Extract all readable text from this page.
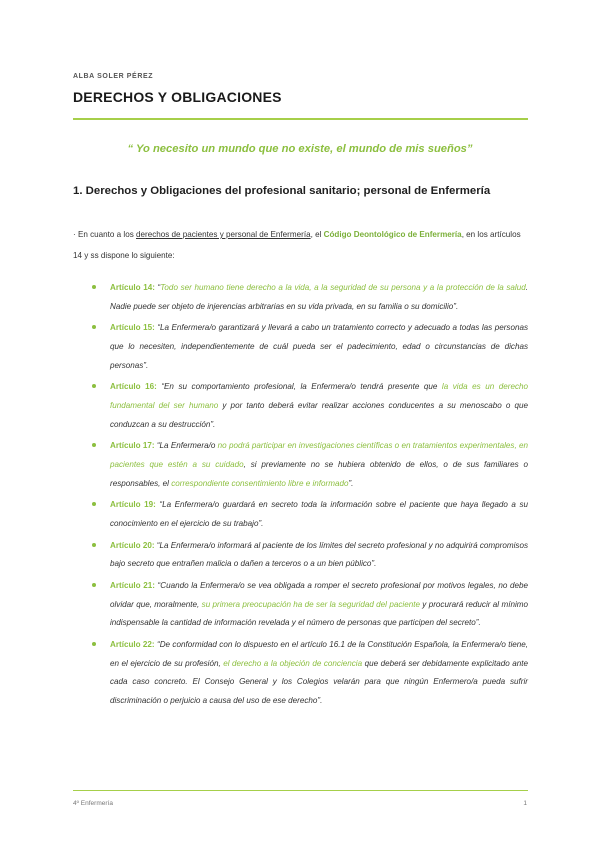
ALBA SOLER PÉREZ
DERECHOS Y OBLIGACIONES
“ Yo necesito un mundo que no existe, el mundo de mis sueños”
1. Derechos y Obligaciones del profesional sanitario; personal de Enfermería
· En cuanto a los derechos de pacientes y personal de Enfermería, el Código Deontológico de Enfermería, en los artículos 14 y ss dispone lo siguiente:
Artículo 14: “Todo ser humano tiene derecho a la vida, a la seguridad de su persona y a la protección de la salud. Nadie puede ser objeto de injerencias arbitrarias en su vida privada, en su familia o su domicilio”.
Artículo 15: “La Enfermera/o garantizará y llevará a cabo un tratamiento correcto y adecuado a todas las personas que lo necesiten, independientemente de cuál pueda ser el padecimiento, edad o circunstancias de dichas personas”.
Artículo 16: “En su comportamiento profesional, la Enfermera/o tendrá presente que la vida es un derecho fundamental del ser humano y por tanto deberá evitar realizar acciones conducentes a su menoscabo o que conduzcan a su destrucción”.
Artículo 17: “La Enfermera/o no podrá participar en investigaciones científicas o en tratamientos experimentales, en pacientes que estén a su cuidado, si previamente no se hubiera obtenido de ellos, o de sus familiares o responsables, el correspondiente consentimiento libre e informado”.
Artículo 19: “La Enfermera/o guardará en secreto toda la información sobre el paciente que haya llegado a su conocimiento en el ejercicio de su trabajo”.
Artículo 20: “La Enfermera/o informará al paciente de los límites del secreto profesional y no adquirirá compromisos bajo secreto que entrañen malicia o dañen a terceros o a un bien público”.
Artículo 21: “Cuando la Enfermera/o se vea obligada a romper el secreto profesional por motivos legales, no debe olvidar que, moralmente, su primera preocupación ha de ser la seguridad del paciente y procurará reducir al mínimo indispensable la cantidad de información revelada y el número de personas que participen del secreto”.
Artículo 22: “De conformidad con lo dispuesto en el artículo 16.1 de la Constitución Española, la Enfermera/o tiene, en el ejercicio de su profesión, el derecho a la objeción de conciencia que deberá ser debidamente explicitado ante cada caso concreto. El Consejo General y los Colegios velarán para que ningún Enfermero/a pueda sufrir discriminación o perjuicio a causa del uso de ese derecho”.
4º Enfermería	1
